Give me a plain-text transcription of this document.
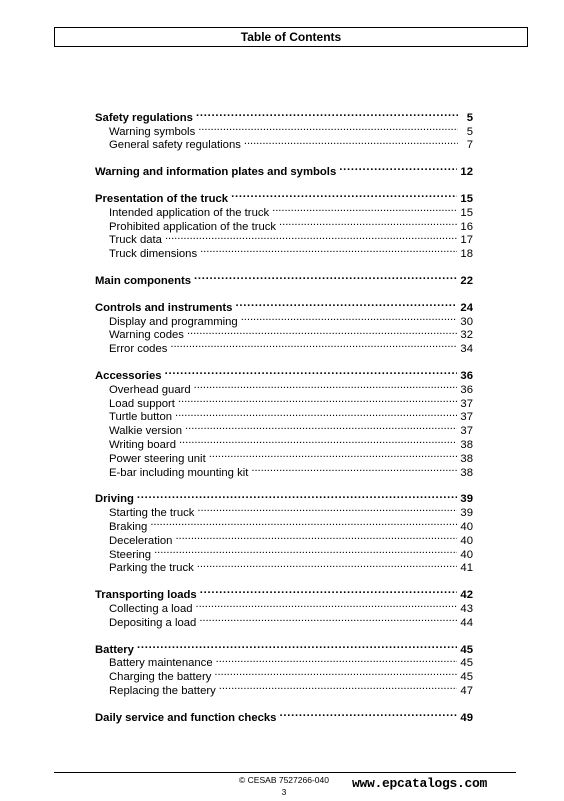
Table of Contents
Safety regulations . . .	5
Warning symbols . . .	5
General safety regulations . . .	7
Warning and information plates and symbols . . .	12
Presentation of the truck . . .	15
Intended application of the truck . . .	15
Prohibited application of the truck . . .	16
Truck data . . .	17
Truck dimensions . . .	18
Main components . . .	22
Controls and instruments . . .	24
Display and programming . . .	30
Warning codes . . .	32
Error codes . . .	34
Accessories . . .	36
Overhead guard . . .	36
Load support . . .	37
Turtle button . . .	37
Walkie version . . .	37
Writing board . . .	38
Power steering unit . . .	38
E-bar including mounting kit . . .	38
Driving . . .	39
Starting the truck . . .	39
Braking . . .	40
Deceleration . . .	40
Steering . . .	40
Parking the truck . . .	41
Transporting loads . . .	42
Collecting a load . . .	43
Depositing a load . . .	44
Battery . . .	45
Battery maintenance . . .	45
Charging the battery . . .	45
Replacing the battery . . .	47
Daily service and function checks . . .	49
© CESAB 7527266-040
3
www.epcatalogs.com
